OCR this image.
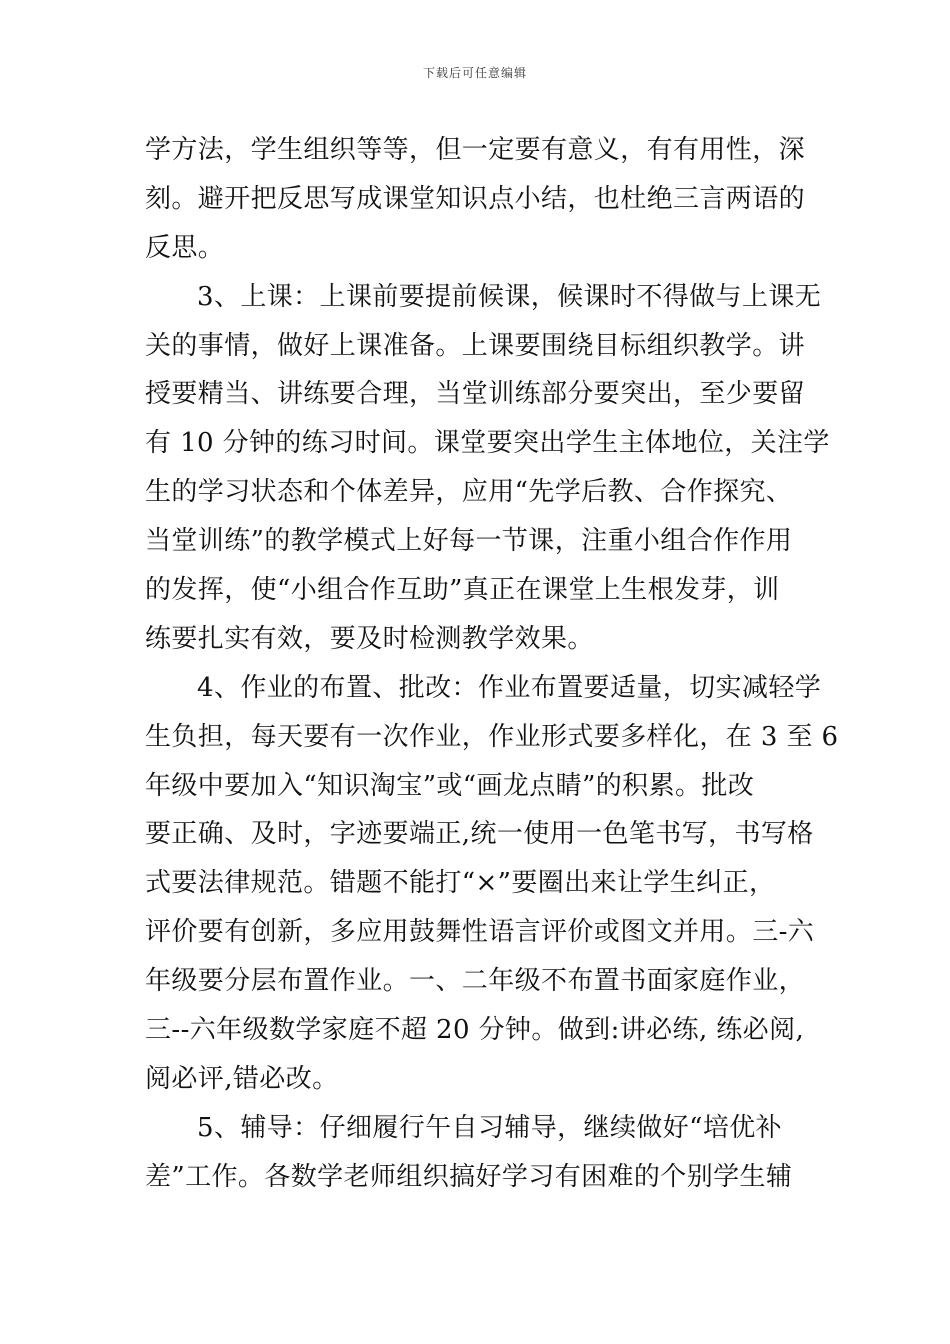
下载后可任意编辑
学方法，学生组织等等，但一定要有意义，有有用性，深
刻。避开把反思写成课堂知识点小结，也杜绝三言两语的
反思。
3、上课：上课前要提前候课，候课时不得做与上课无
关的事情，做好上课准备。上课要围绕目标组织教学。讲
授要精当、讲练要合理，当堂训练部分要突出，至少要留
有 10 分钟的练习时间。课堂要突出学生主体地位，关注学
生的学习状态和个体差异，应用“先学后教、合作探究、
当堂训练”的教学模式上好每一节课，注重小组合作作用
的发挥，使“小组合作互助”真正在课堂上生根发芽，训
练要扎实有效，要及时检测教学效果。
4、作业的布置、批改：作业布置要适量，切实减轻学
生负担，每天要有一次作业，作业形式要多样化，在 3 至 6
年级中要加入“知识淘宝”或“画龙点睛”的积累。批改
要正确、及时，字迹要端正,统一使用一色笔书写，书写格
式要法律规范。错题不能打“×”要圈出来让学生纠正，
评价要有创新，多应用鼓舞性语言评价或图文并用。三-六
年级要分层布置作业。一、二年级不布置书面家庭作业，
三--六年级数学家庭不超 20 分钟。做到:讲必练, 练必阅,
阅必评,错必改。
5、辅导：仔细履行午自习辅导，继续做好“培优补
差”工作。各数学老师组织搞好学习有困难的个别学生辅
